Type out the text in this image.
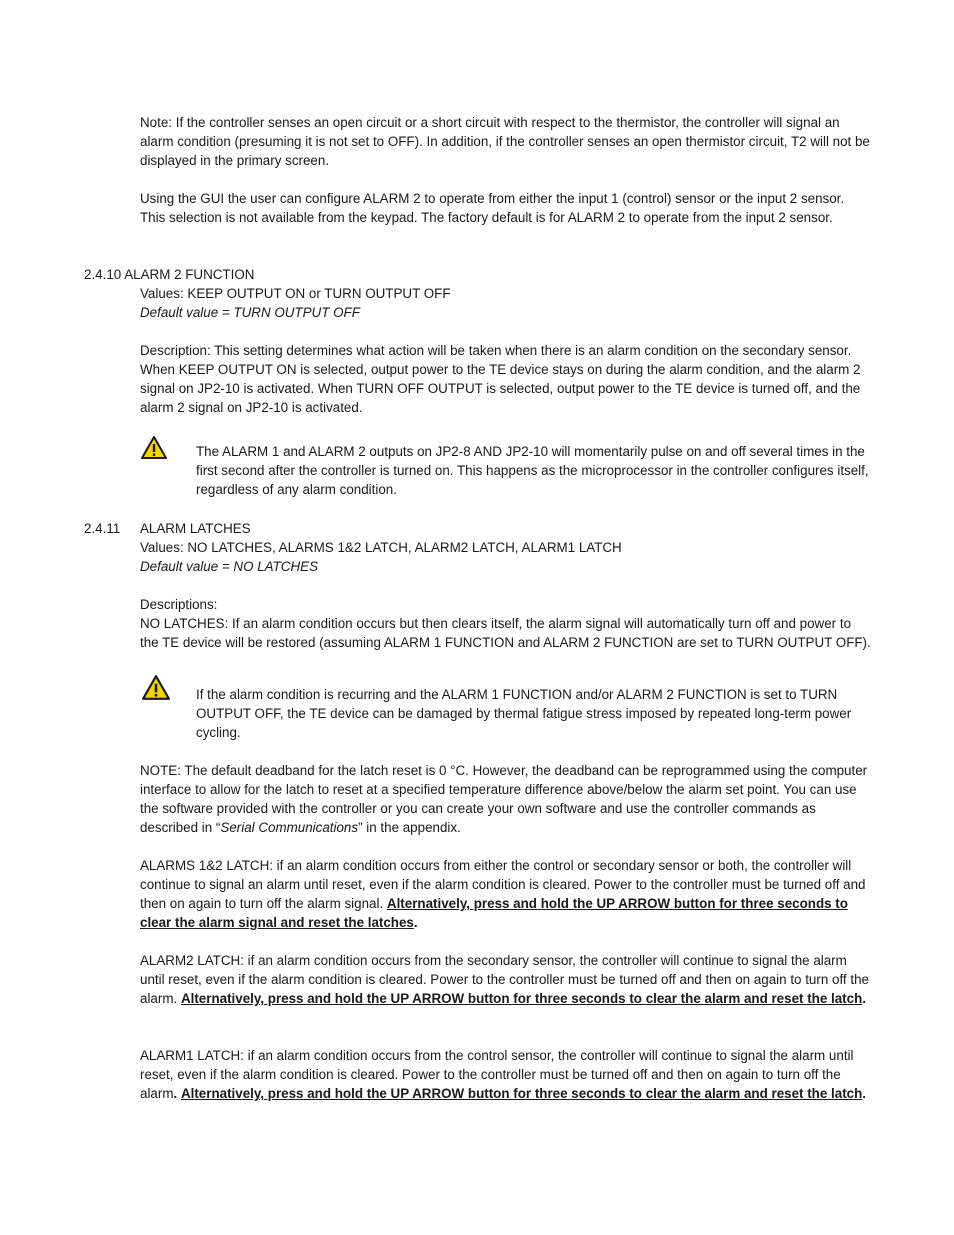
Note: If the controller senses an open circuit or a short circuit with respect to the thermistor, the controller will signal an alarm condition (presuming it is not set to OFF). In addition, if the controller senses an open thermistor circuit, T2 will not be displayed in the primary screen.

Using the GUI the user can configure ALARM 2 to operate from either the input 1 (control) sensor or the input 2 sensor. This selection is not available from the keypad. The factory default is for ALARM 2 to operate from the input 2 sensor.

2.4.10 ALARM 2 FUNCTION

Values: KEEP OUTPUT ON or TURN OUTPUT OFF

Default value = TURN OUTPUT OFF

Description: This setting determines what action will be taken when there is an alarm condition on the secondary sensor. When KEEP OUTPUT ON is selected, output power to the TE device stays on during the alarm condition, and the alarm 2 signal on JP2-10 is activated. When TURN OFF OUTPUT is selected, output power to the TE device is turned off, and the alarm 2 signal on JP2-10 is activated.

The ALARM 1 and ALARM 2 outputs on JP2-8 AND JP2-10 will momentarily pulse on and off several times in the first second after the controller is turned on. This happens as the microprocessor in the controller configures itself, regardless of any alarm condition.
2.4.11 ALARM LATCHES

Values: NO LATCHES, ALARMS 1&2 LATCH, ALARM2 LATCH, ALARM1 LATCH

Default value = NO LATCHES

Descriptions:

NO LATCHES: If an alarm condition occurs but then clears itself, the alarm signal will automatically turn off and power to the TE device will be restored (assuming ALARM 1 FUNCTION and ALARM 2 FUNCTION are set to TURN OUTPUT OFF).

If the alarm condition is recurring and the ALARM 1 FUNCTION and/or ALARM 2 FUNCTION is set to TURN OUTPUT OFF, the TE device can be damaged by thermal fatigue stress imposed by repeated long-term power cycling.

NOTE: The default deadband for the latch reset is 0 °C. However, the deadband can be reprogrammed using the computer interface to allow for the latch to reset at a specified temperature difference above/below the alarm set point. You can use the software provided with the controller or you can create your own software and use the controller commands as described in “Serial Communications” in the appendix.

ALARMS 1&2 LATCH: if an alarm condition occurs from either the control or secondary sensor or both, the controller will continue to signal an alarm until reset, even if the alarm condition is cleared. Power to the controller must be turned off and then on again to turn off the alarm signal. Alternatively, press and hold the UP ARROW button for three seconds to clear the alarm signal and reset the latches.

ALARM2 LATCH: if an alarm condition occurs from the secondary sensor, the controller will continue to signal the alarm until reset, even if the alarm condition is cleared. Power to the controller must be turned off and then on again to turn off the alarm. Alternatively, press and hold the UP ARROW button for three seconds to clear the alarm and reset the latch.

ALARM1 LATCH: if an alarm condition occurs from the control sensor, the controller will continue to signal the alarm until reset, even if the alarm condition is cleared. Power to the controller must be turned off and then on again to turn off the alarm. Alternatively, press and hold the UP ARROW button for three seconds to clear the alarm and reset the latch.
